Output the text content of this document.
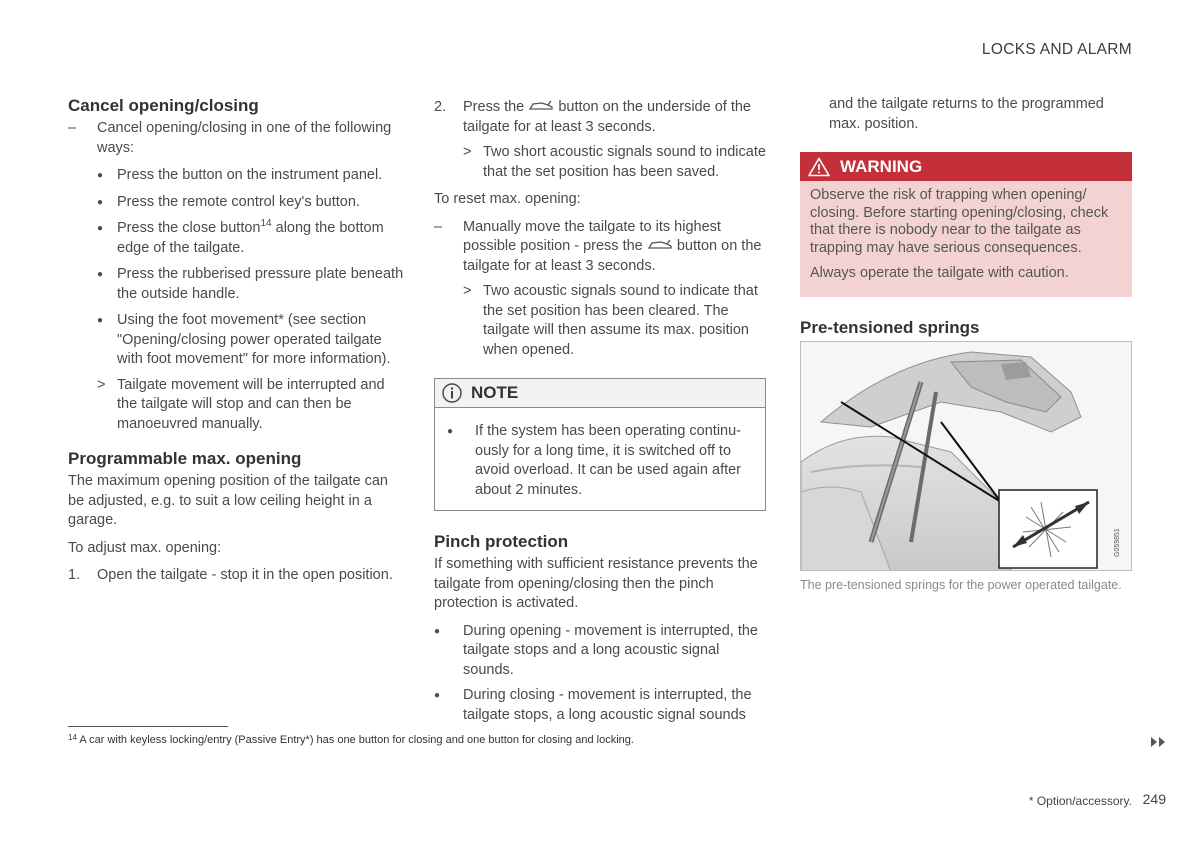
LOCKS AND ALARM
Cancel opening/closing
–	Cancel opening/closing in one of the following ways:
● Press the button on the instrument panel.
● Press the remote control key's button.
● Press the close button$^{14}$ along the bottom edge of the tailgate.
● Press the rubberised pressure plate beneath the outside handle.
● Using the foot movement* (see section "Opening/closing power operated tailgate with foot movement" for more information).
> Tailgate movement will be interrupted and the tailgate will stop and can then be manoeuvred manually.
Programmable max. opening

The maximum opening position of the tailgate can be adjusted, e.g. to suit a low ceiling height in a garage.

To adjust max. opening:

1.	Open the tailgate - stop it in the open position.
2.	Press the button on the underside of the tailgate for at least 3 seconds.
> Two short acoustic signals sound to indicate that the set position has been saved.

To reset max. opening:

–	Manually move the tailgate to its highest
possible position - press the button on the tailgate for at least 3 seconds.
> Two acoustic signals sound to indicate that the set position has been cleared. The tailgate will then assume its max. position when opened.
NOTE
●	If the system has been operating continuously for a long time, it is switched off to avoid overload. It can be used again after about 2 minutes.
Pinch protection

If something with sufficient resistance prevents the tailgate from opening/closing then the pinch protection is activated.

●	During opening - movement is interrupted, the tailgate stops and a long acoustic signal sounds.
●	During closing - movement is interrupted, the tailgate stops, a long acoustic signal sounds

and the tailgate returns to the programmed max. position.

WARNING

Observe the risk of trapping when opening/ closing. Before starting opening/closing, check that there is nobody near to the tailgate as trapping may have serious consequences.

Always operate the tailgate with caution.

Pre-tensioned springs
G059851
The pre-tensioned springs for the power operated tailgate.
$^{14}$ A car with keyless locking/entry (Passive Entry*) has one button for closing and one button for closing and locking.
* Option/accessory. 249
